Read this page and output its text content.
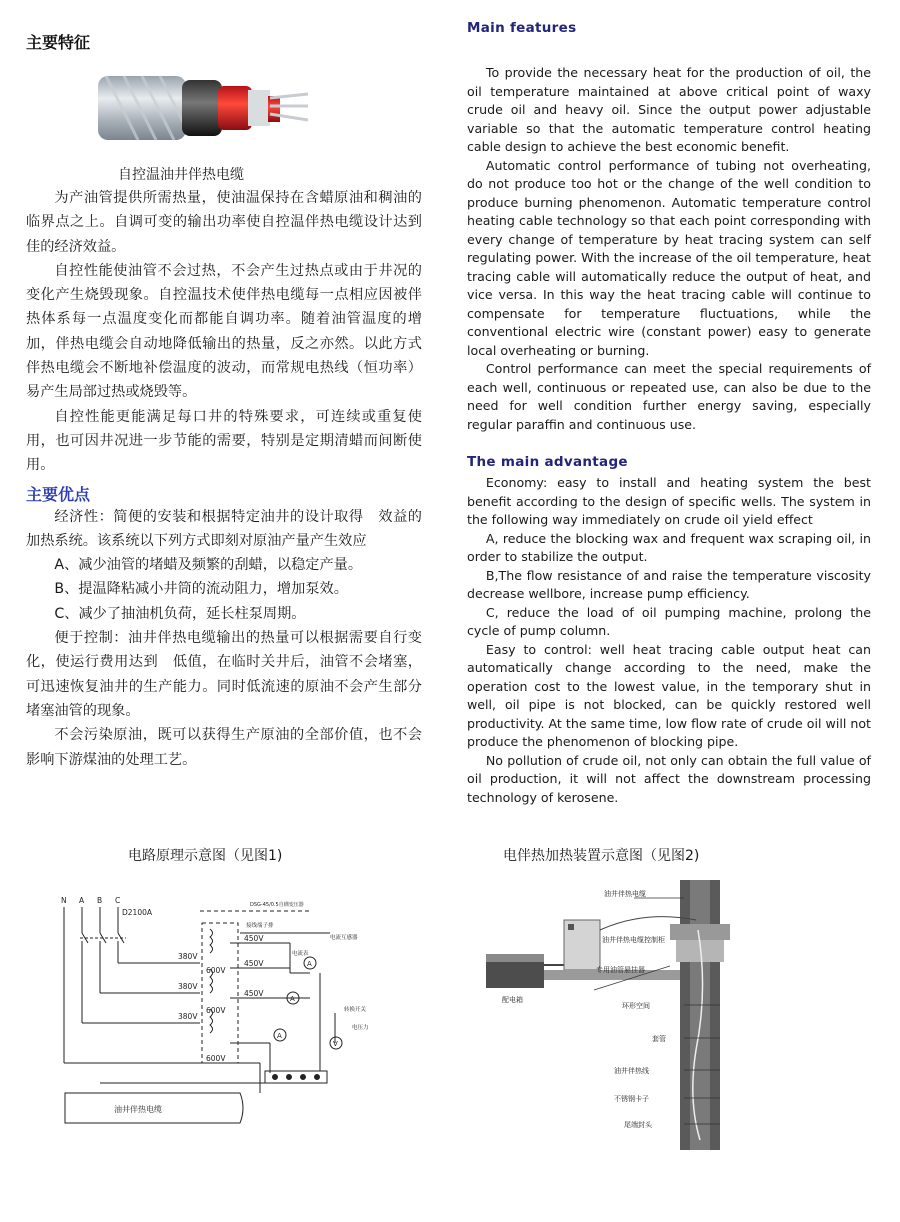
主要特征
自控温油井伴热电缆

为产油管提供所需热量，使油温保持在含蜡原油和稠油的临界点之上。自调可变的输出功率使自控温伴热电缆设计达到　佳的经济效益。

自控性能使油管不会过热，不会产生过热点或由于井况的变化产生烧毁现象。自控温技术使伴热电缆每一点相应因被伴热体系每一点温度变化而都能自调功率。随着油管温度的增加，伴热电缆会自动地降低输出的热量，反之亦然。以此方式伴热电缆会不断地补偿温度的波动，而常规电热线（恒功率）易产生局部过热或烧毁等。

自控性能更能满足每口井的特殊要求，可连续或重复使用，也可因井况进一步节能的需要，特别是定期清蜡而间断使用。

主要优点

经济性：简便的安装和根据特定油井的设计取得　效益的加热系统。该系统以下列方式即刻对原油产量产生效应

A、减少油管的堵蜡及频繁的刮蜡，以稳定产量。

B、提温降粘减小井筒的流动阻力，增加泵效。

C、减少了抽油机负荷，延长柱泵周期。

便于控制：油井伴热电缆输出的热量可以根据需要自行变化，使运行费用达到　低值，在临时关井后，油管不会堵塞，可迅速恢复油井的生产能力。同时低流速的原油不会产生部分堵塞油管的现象。

不会污染原油，既可以获得生产原油的全部价值，也不会影响下游煤油的处理工艺。

Main features

To provide the necessary heat for the production of oil, the oil temperature maintained at above critical point of waxy crude oil and heavy oil. Since the output power adjustable variable so that the automatic temperature control heating cable design to achieve the best economic benefit.

Automatic control performance of tubing not overheating, do not produce too hot or the change of the well condition to produce burning phenomenon. Automatic temperature control heating cable technology so that each point corresponding with every change of temperature by heat tracing system can self regulating power. With the increase of the oil temperature, heat tracing cable will automatically reduce the output of heat, and vice versa. In this way the heat tracing cable will continue to compensate for temperature fluctuations, while the conventional electric wire (constant power) easy to generate local overheating or burning.

Control performance can meet the special requirements of each well, continuous or repeated use, can also be due to the need for well condition further energy saving, especially regular paraffin and continuous use.

The main advantage

Economy: easy to install and heating system the best benefit according to the design of specific wells. The system in the following way immediately on crude oil yield effect

A, reduce the blocking wax and frequent wax scraping oil, in order to stabilize the output.

B,The flow resistance of and raise the temperature viscosity decrease wellbore, increase pump efficiency.

C, reduce the load of oil pumping machine, prolong the cycle of pump column.

Easy to control: well heat tracing cable output heat can automatically change according to the need, make the operation cost to the lowest value, in the temporary shut in well, oil pipe is not blocked, can be quickly restored well productivity. At the same time, low flow rate of crude oil will not produce the phenomenon of blocking pipe.

No pollution of crude oil, not only can obtain the full value of oil production, it will not affect the downstream processing technology of kerosene.

电路原理示意图（见图1)	电伴热加热装置示意图（见图2)
N A B C
D2100A
DSG-45/0.5自耦变压器
接线端子排
380V
380V
380V
450V
450V
450V
600V
600V
600V
电流表
电流互感器
转换开关
电压力
A
A
A
V
油井伴热电缆
油井伴热电缆
油井伴热电缆控制柜
配电箱
专用油管悬挂器
环形空间
套管
油井伴热线
不锈钢卡子
尾端封头
